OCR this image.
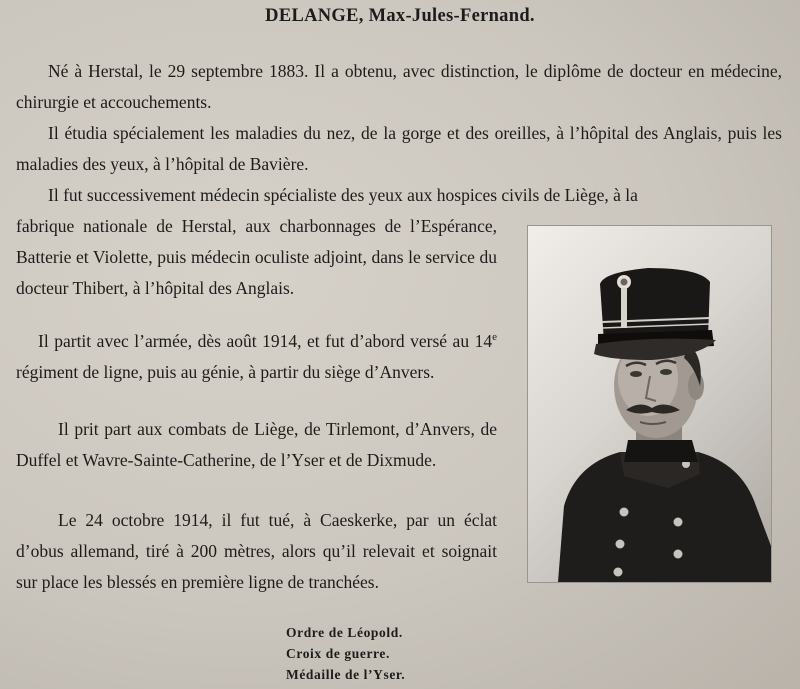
DELANGE, Max-Jules-Fernand.

Né à Herstal, le 29 septembre 1883. Il a obtenu, avec distinction, le diplôme de docteur en médecine, chirurgie et accouchements.

Il étudia spécialement les maladies du nez, de la gorge et des oreilles, à l’hôpital des Anglais, puis les maladies des yeux, à l’hôpital de Bavière.

Il fut successivement médecin spécialiste des yeux aux hospices civils de Liège, à la

fabrique nationale de Herstal, aux charbonnages de l’Espérance, Batterie et Violette, puis médecin oculiste adjoint, dans le service du docteur Thibert, à l’hôpital des Anglais.

Il partit avec l’armée, dès août 1914, et fut d’abord versé au 14e régiment de ligne, puis au génie, à partir du siège d’Anvers.

Il prit part aux combats de Liège, de Tirlemont, d’Anvers, de Duffel et Wavre-Sainte-Catherine, de l’Yser et de Dixmude.

Le 24 octobre 1914, il fut tué, à Caeskerke, par un éclat d’obus allemand, tiré à 200 mètres, alors qu’il relevait et soignait sur place les blessés en première ligne de tranchées.

Ordre de Léopold.
Croix de guerre.
Médaille de l’Yser.
